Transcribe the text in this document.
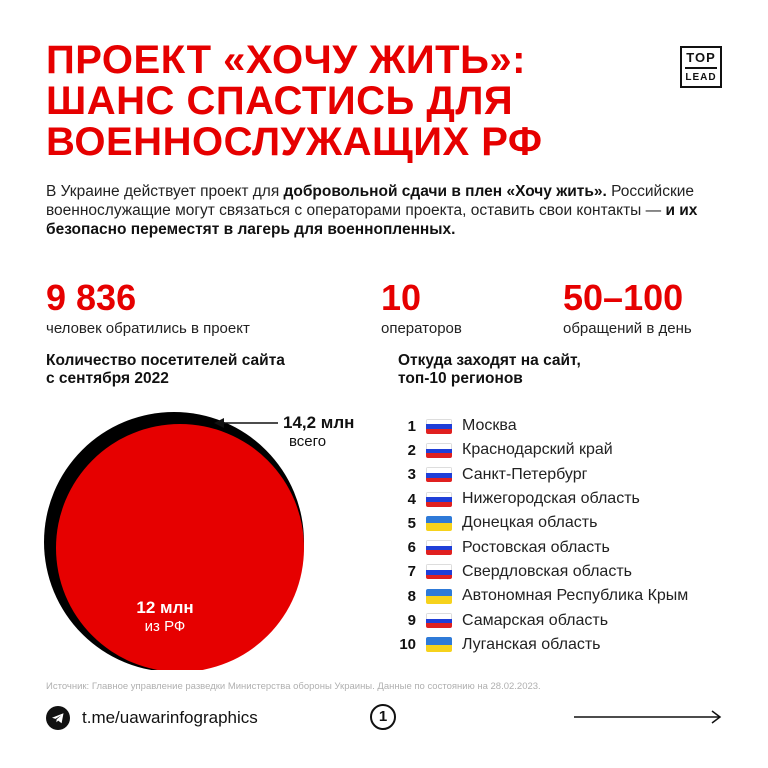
ПРОЕКТ «ХОЧУ ЖИТЬ»:
ШАНС СПАСТИСЬ ДЛЯ
ВОЕННОСЛУЖАЩИХ РФ
TOP
LEAD
В Украине действует проект для добровольной сдачи в плен «Хочу жить». Российские военнослужащие могут связаться с операторами проекта, оставить свои контакты — и их безопасно переместят в лагерь для военнопленных.
9 836
человек обратились в проект
10
операторов
50–100
обращений в день
Количество посетителей сайта
с сентября 2022
14,2 млн
всего
12 млн
из РФ
Откуда заходят на сайт,
топ-10 регионов
1	Москва
2	Краснодарский край
3	Санкт-Петербург
4	Нижегородская область
5	Донецкая область
6	Ростовская область
7	Свердловская область
8	Автономная Республика Крым
9	Самарская область
10	Луганская область
Источник: Главное управление разведки Министерства обороны Украины. Данные по состоянию на 28.02.2023.
t.me/uawarinfographics	1
